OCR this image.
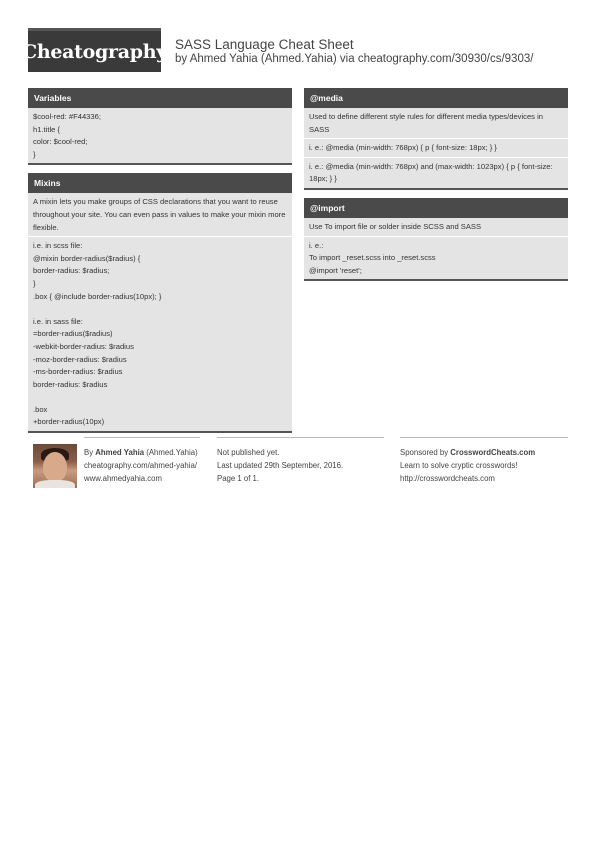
Cheatography SASS Language Cheat Sheet
by Ahmed Yahia (Ahmed.Yahia) via cheatography.com/30930/cs/9303/
Variables
$cool-red: #F44336;
h1.title {
color: $cool-red;
}
Mixins
A mixin lets you make groups of CSS declarations that you want to reuse throughout your site. You can even pass in values to make your mixin more flexible.
i.e. in scss file:
@mixin border-radius($radius) {
border-radius: $radius;
}
.box { @include border-radius(10px); }
i.e. in sass file:
=border-radius($radius)
-webkit-border-radius: $radius
-moz-border-radius: $radius
-ms-border-radius: $radius
border-radius: $radius
.box
+border-radius(10px)
@media
Used to define different style rules for different media types/devices in SASS
i. e.: @media (min-width: 768px) { p { font-size: 18px; } }
i. e.: @media (min-width: 768px) and (max-width: 1023px) { p { font-size: 18px; } }
@import
Use To import file or solder inside SCSS and SASS
i. e.:
To import _reset.scss into _reset.scss
@import 'reset';
By Ahmed Yahia (Ahmed.Yahia)
cheatography.com/ahmed-yahia/
www.ahmedyahia.com
Not published yet.
Last updated 29th September, 2016.
Page 1 of 1.
Sponsored by CrosswordCheats.com
Learn to solve cryptic crosswords!
http://crosswordcheats.com
